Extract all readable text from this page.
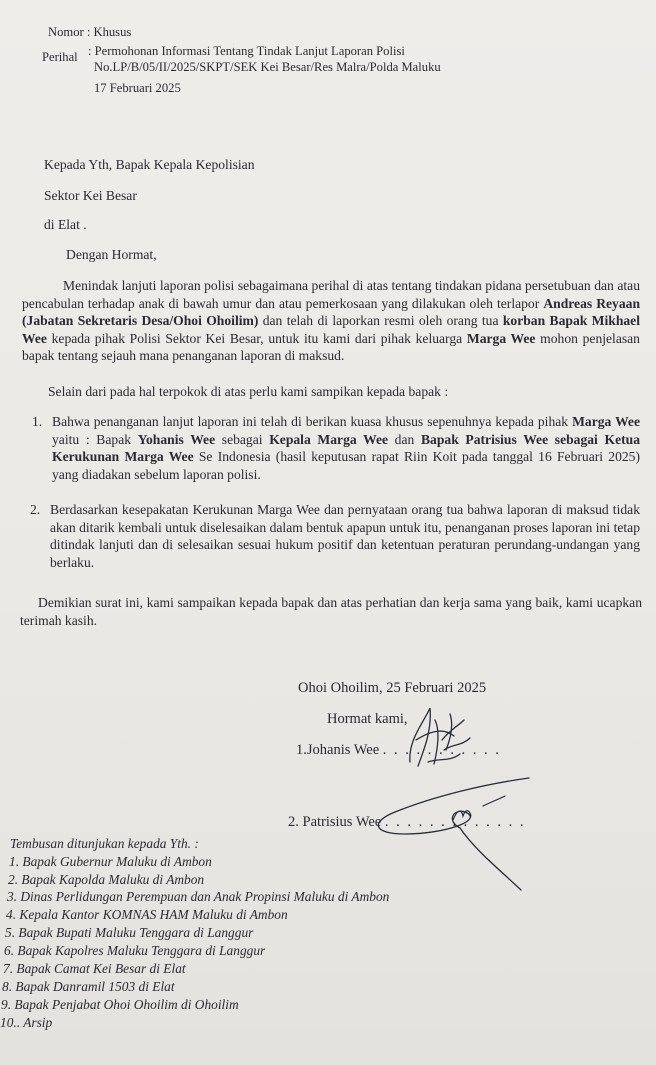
Nomor : Khusus
Perihal : Permohonan Informasi Tentang Tindak Lanjut Laporan Polisi
No.LP/B/05/II/2025/SKPT/SEK Kei Besar/Res Malra/Polda Maluku
17 Februari 2025
Kepada Yth, Bapak Kepala Kepolisian
Sektor Kei Besar
di Elat .
Dengan Hormat,
Menindak lanjuti laporan polisi sebagaimana perihal di atas tentang tindakan pidana persetubuan dan atau pencabulan terhadap anak di bawah umur dan atau pemerkosaan yang dilakukan oleh terlapor Andreas Reyaan (Jabatan Sekretaris Desa/Ohoi Ohoilim) dan telah di laporkan resmi oleh orang tua korban Bapak Mikhael Wee kepada pihak Polisi Sektor Kei Besar, untuk itu kami dari pihak keluarga Marga Wee mohon penjelasan bapak tentang sejauh mana penanganan laporan di maksud.
Selain dari pada hal terpokok di atas perlu kami sampikan kepada bapak :
1. Bahwa penanganan lanjut laporan ini telah di berikan kuasa khusus sepenuhnya kepada pihak Marga Wee yaitu : Bapak Yohanis Wee sebagai Kepala Marga Wee dan Bapak Patrisius Wee sebagai Ketua Kerukunan Marga Wee Se Indonesia (hasil keputusan rapat Riin Koit pada tanggal 16 Februari 2025) yang diadakan sebelum laporan polisi.
2. Berdasarkan kesepakatan Kerukunan Marga Wee dan pernyataan orang tua bahwa laporan di maksud tidak akan ditarik kembali untuk diselesaikan dalam bentuk apapun untuk itu, penanganan proses laporan ini tetap ditindak lanjuti dan di selesaikan sesuai hukum positif dan ketentuan peraturan perundang-undangan yang berlaku.
Demikian surat ini, kami sampaikan kepada bapak dan atas perhatian dan kerja sama yang baik, kami ucapkan terimah kasih.
Ohoi Ohoilim, 25 Februari 2025
Hormat kami,
1.Johanis Wee . . . . . . . . . . .
2. Patrisius Wee . . . . . . . . . . . . .
Tembusan ditunjukan kepada Yth. :
1. Bapak Gubernur Maluku di Ambon
2. Bapak Kapolda Maluku di Ambon
3. Dinas Perlidungan Perempuan dan Anak Propinsi Maluku di Ambon
4. Kepala Kantor KOMNAS HAM Maluku di Ambon
5. Bapak Bupati Maluku Tenggara di Langgur
6. Bapak Kapolres Maluku Tenggara di Langgur
7. Bapak Camat Kei Besar di Elat
8. Bapak Danramil 1503 di Elat
9. Bapak Penjabat Ohoi Ohoilim di Ohoilim
10.. Arsip
